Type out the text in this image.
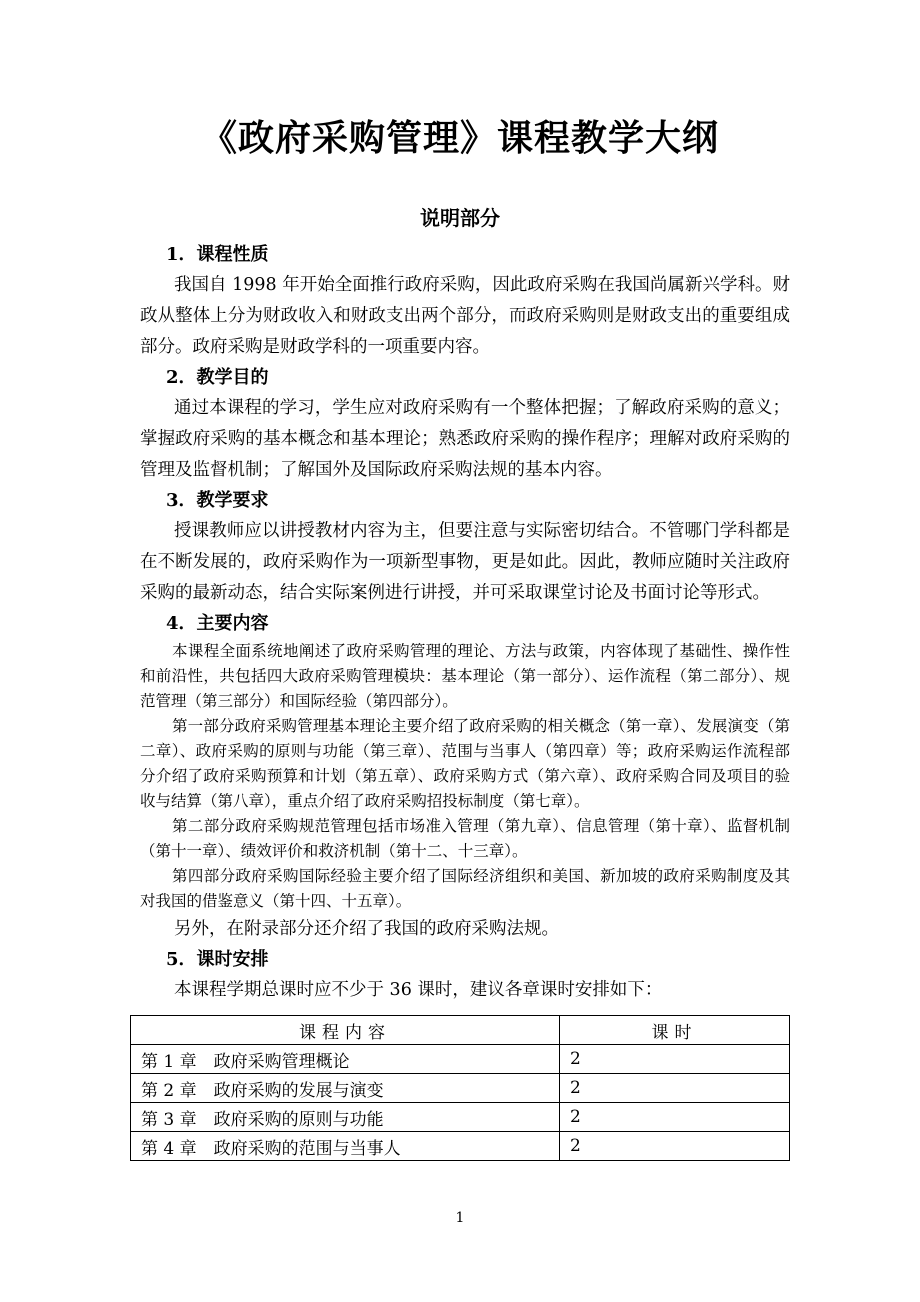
《政府采购管理》课程教学大纲
说明部分

1．课程性质

我国自 1998 年开始全面推行政府采购，因此政府采购在我国尚属新兴学科。财政从整体上分为财政收入和财政支出两个部分，而政府采购则是财政支出的重要组成部分。政府采购是财政学科的一项重要内容。

2．教学目的

通过本课程的学习，学生应对政府采购有一个整体把握；了解政府采购的意义；掌握政府采购的基本概念和基本理论；熟悉政府采购的操作程序；理解对政府采购的管理及监督机制；了解国外及国际政府采购法规的基本内容。

3．教学要求

授课教师应以讲授教材内容为主，但要注意与实际密切结合。不管哪门学科都是在不断发展的，政府采购作为一项新型事物，更是如此。因此，教师应随时关注政府采购的最新动态，结合实际案例进行讲授，并可采取课堂讨论及书面讨论等形式。

4．主要内容

本课程全面系统地阐述了政府采购管理的理论、方法与政策，内容体现了基础性、操作性和前沿性，共包括四大政府采购管理模块：基本理论（第一部分）、运作流程（第二部分）、规范管理（第三部分）和国际经验（第四部分）。

第一部分政府采购管理基本理论主要介绍了政府采购的相关概念（第一章）、发展演变（第二章）、政府采购的原则与功能（第三章）、范围与当事人（第四章）等；政府采购运作流程部分介绍了政府采购预算和计划（第五章）、政府采购方式（第六章）、政府采购合同及项目的验收与结算（第八章），重点介绍了政府采购招投标制度（第七章）。

第二部分政府采购规范管理包括市场准入管理（第九章）、信息管理（第十章）、监督机制（第十一章）、绩效评价和救济机制（第十二、十三章）。

第四部分政府采购国际经验主要介绍了国际经济组织和美国、新加坡的政府采购制度及其对我国的借鉴意义（第十四、十五章）。

另外，在附录部分还介绍了我国的政府采购法规。

5．课时安排

本课程学期总课时应不少于 36 课时，建议各章课时安排如下：

课程内容	课时
第 1 章　政府采购管理概论	2
第 2 章　政府采购的发展与演变	2
第 3 章　政府采购的原则与功能	2
第 4 章　政府采购的范围与当事人	2
1
